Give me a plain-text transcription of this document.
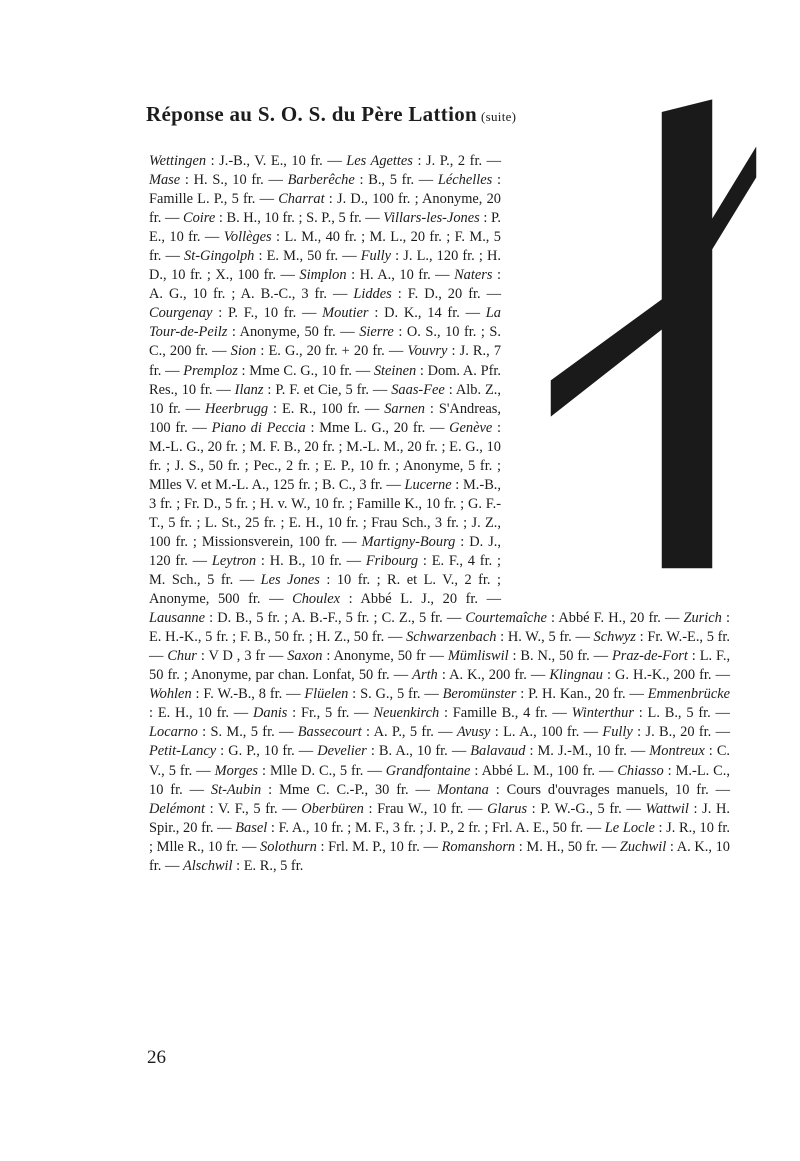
Réponse au S. O. S. du Père Lattion (suite)
Wettingen : J.-B., V. E., 10 fr. — Les Agettes : J. P., 2 fr. — Mase : H. S., 10 fr. — Barberêche : B., 5 fr. — Léchelles : Famille L. P., 5 fr. — Charrat : J. D., 100 fr. ; Anonyme, 20 fr. — Coire : B. H., 10 fr. ; S. P., 5 fr. — Villars-les-Jones : P. E., 10 fr. — Vollèges : L. M., 40 fr. ; M. L., 20 fr. ; F. M., 5 fr. — St-Gingolph : E. M., 50 fr. — Fully : J. L., 120 fr. ; H. D., 10 fr. ; X., 100 fr. — Simplon : H. A., 10 fr. — Naters : A. G., 10 fr. ; A. B.-C., 3 fr. — Liddes : F. D., 20 fr. — Courgenay : P. F., 10 fr. — Moutier : D. K., 14 fr. — La Tour-de-Peilz : Anonyme, 50 fr. — Sierre : O. S., 10 fr. ; S. C., 200 fr. — Sion : E. G., 20 fr. + 20 fr. — Vouvry : J. R., 7 fr. — Premploz : Mme C. G., 10 fr. — Steinen : Dom. A. Pfr. Res., 10 fr. — Ilanz : P. F. et Cie, 5 fr. — Saas-Fee : Alb. Z., 10 fr. — Heerbrugg : E. R., 100 fr. — Sarnen : S'Andreas, 100 fr. — Piano di Peccia : Mme L. G., 20 fr. — Genève : M.-L. G., 20 fr. ; M. F. B., 20 fr. ; M.-L. M., 20 fr. ; E. G., 10 fr. ; J. S., 50 fr. ; Pec., 2 fr. ; E. P., 10 fr. ; Anonyme, 5 fr. ; Mlles V. et M.-L. A., 125 fr. ; B. C., 3 fr. — Lucerne : M.-B., 3 fr. ; Fr. D., 5 fr. ; H. v. W., 10 fr. ; Famille K., 10 fr. ; G. F.-T., 5 fr. ; L. St., 25 fr. ; E. H., 10 fr. ; Frau Sch., 3 fr. ; J. Z., 100 fr. ; Missionsverein, 100 fr. — Martigny-Bourg : D. J., 120 fr. — Leytron : H. B., 10 fr. — Fribourg : E. F., 4 fr. ; M. Sch., 5 fr. — Les Jones : 10 fr. ; R. et L. V., 2 fr. ; Anonyme, 500 fr. — Choulex : Abbé L. J., 20 fr. — Lausanne : D. B., 5 fr. ; A. B.-F., 5 fr. ; C. Z., 5 fr. — Courtemaîche : Abbé F. H., 20 fr. — Zurich : E. H.-K., 5 fr. ; F. B., 50 fr. ; H. Z., 50 fr. — Schwarzenbach : H. W., 5 fr. — Schwyz : Fr. W.-E., 5 fr. — Chur : V D , 3 fr — Saxon : Anonyme, 50 fr — Mümliswil : B. N., 50 fr. — Praz-de-Fort : L. F., 50 fr. ; Anonyme, par chan. Lonfat, 50 fr. — Arth : A. K., 200 fr. — Klingnau : G. H.-K., 200 fr. — Wohlen : F. W.-B., 8 fr. — Flüelen : S. G., 5 fr. — Beromünster : P. H. Kan., 20 fr. — Emmenbrücke : E. H., 10 fr. — Danis : Fr., 5 fr. — Neuenkirch : Famille B., 4 fr. — Winterthur : L. B., 5 fr. — Locarno : S. M., 5 fr. — Bassecourt : A. P., 5 fr. — Avusy : L. A., 100 fr. — Fully : J. B., 20 fr. — Petit-Lancy : G. P., 10 fr. — Develier : B. A., 10 fr. — Balavaud : M. J.-M., 10 fr. — Montreux : C. V., 5 fr. — Morges : Mlle D. C., 5 fr. — Grandfontaine : Abbé L. M., 100 fr. — Chiasso : M.-L. C., 10 fr. — St-Aubin : Mme C. C.-P., 30 fr. — Montana : Cours d'ouvrages manuels, 10 fr. — Delémont : V. F., 5 fr. — Oberbüren : Frau W., 10 fr. — Glarus : P. W.-G., 5 fr. — Wattwil : J. H. Spir., 20 fr. — Basel : F. A., 10 fr. ; M. F., 3 fr. ; J. P., 2 fr. ; Frl. A. E., 50 fr. — Le Locle : J. R., 10 fr. ; Mlle R., 10 fr. — Solothurn : Frl. M. P., 10 fr. — Romanshorn : M. H., 50 fr. — Zuchwil : A. K., 10 fr. — Alschwil : E. R., 5 fr.
26
